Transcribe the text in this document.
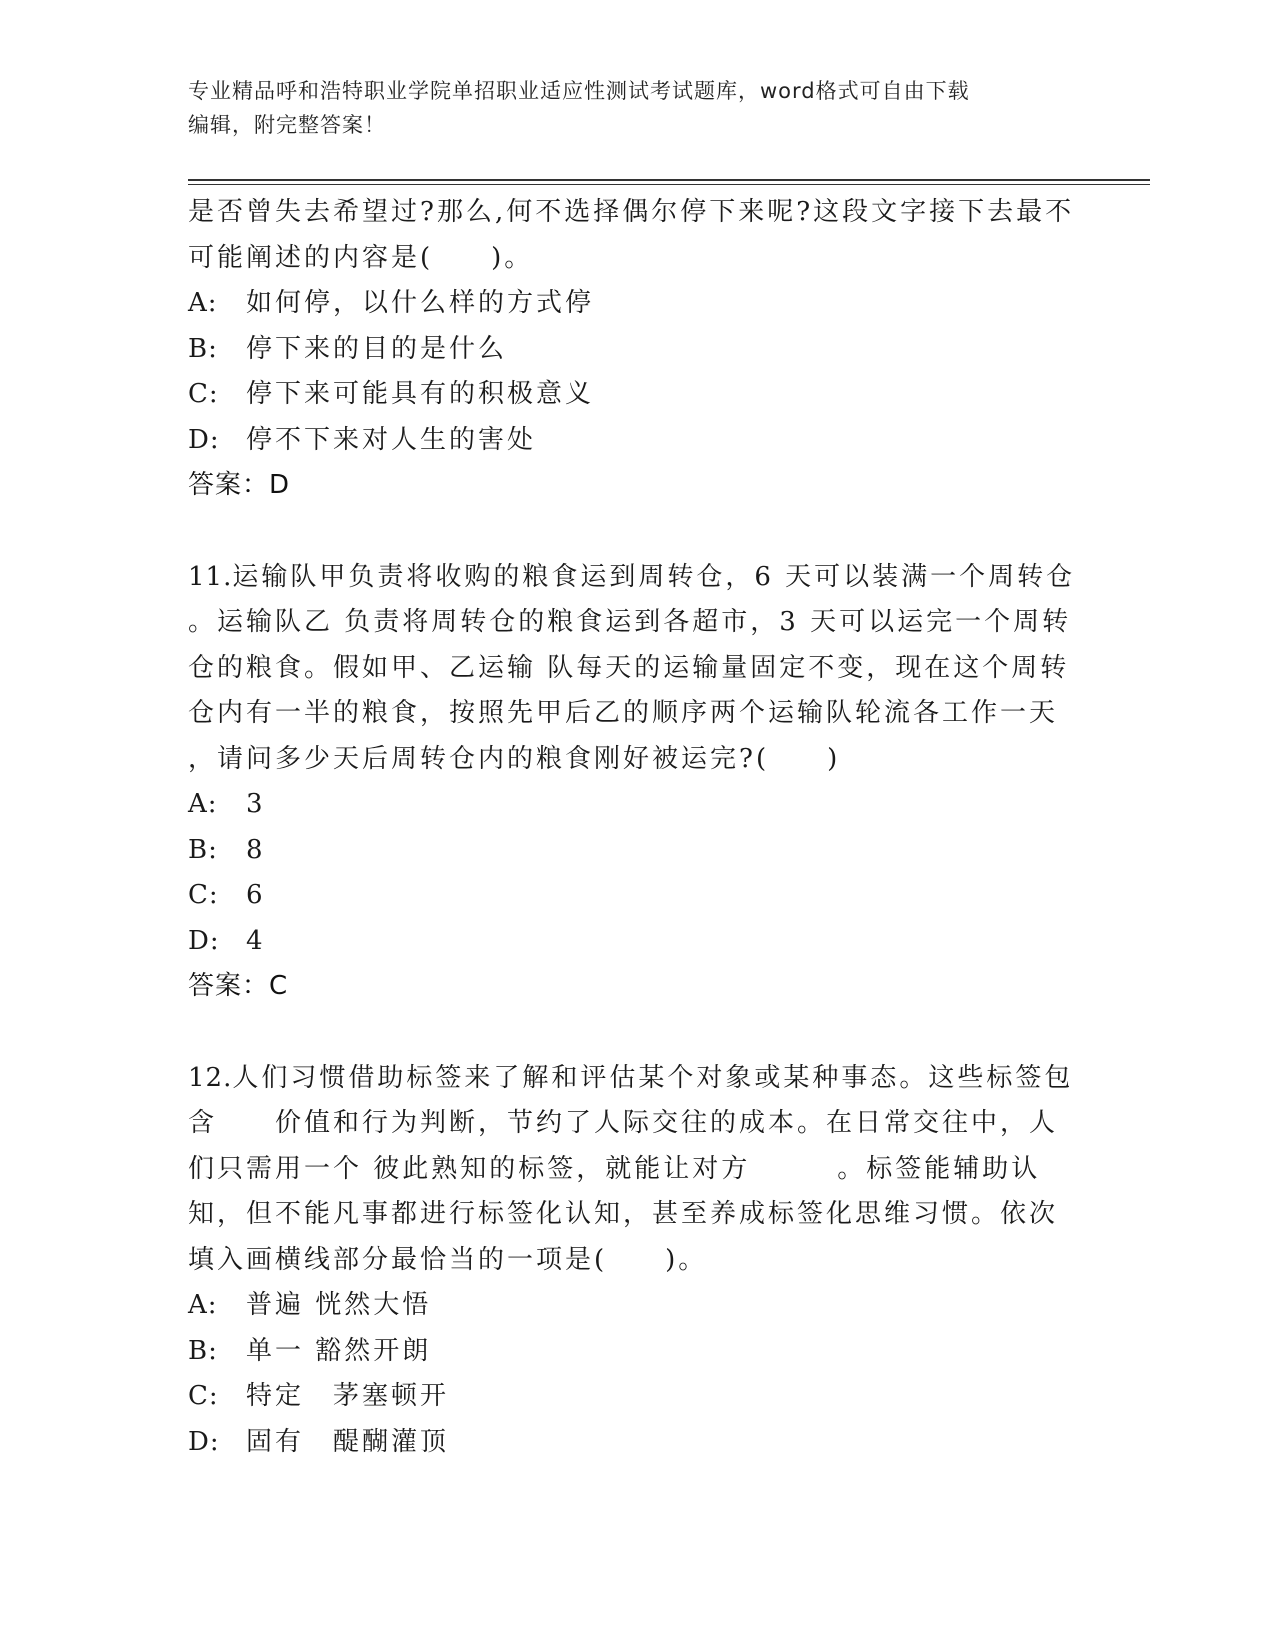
专业精品呼和浩特职业学院单招职业适应性测试考试题库，word格式可自由下载
编辑，附完整答案！
是否曾失去希望过?那么,何不选择偶尔停下来呢?这段文字接下去最不
可能阐述的内容是(　　)。
A: 如何停，以什么样的方式停
B: 停下来的目的是什么
C: 停下来可能具有的积极意义
D: 停不下来对人生的害处
答案：D
11.运输队甲负责将收购的粮食运到周转仓，6 天可以装满一个周转仓
。运输队乙 负责将周转仓的粮食运到各超市，3 天可以运完一个周转
仓的粮食。假如甲、乙运输 队每天的运输量固定不变，现在这个周转
仓内有一半的粮食，按照先甲后乙的顺序两个运输队轮流各工作一天
，请问多少天后周转仓内的粮食刚好被运完?(　　)
A: 3
B: 8
C: 6
D: 4
答案：C
12.人们习惯借助标签来了解和评估某个对象或某种事态。这些标签包
含　　价值和行为判断，节约了人际交往的成本。在日常交往中，人
们只需用一个 彼此熟知的标签，就能让对方　　　。标签能辅助认
知，但不能凡事都进行标签化认知，甚至养成标签化思维习惯。依次
填入画横线部分最恰当的一项是(　　)。
A: 普遍 恍然大悟
B: 单一 豁然开朗
C: 特定　茅塞顿开
D: 固有　醍醐灌顶
